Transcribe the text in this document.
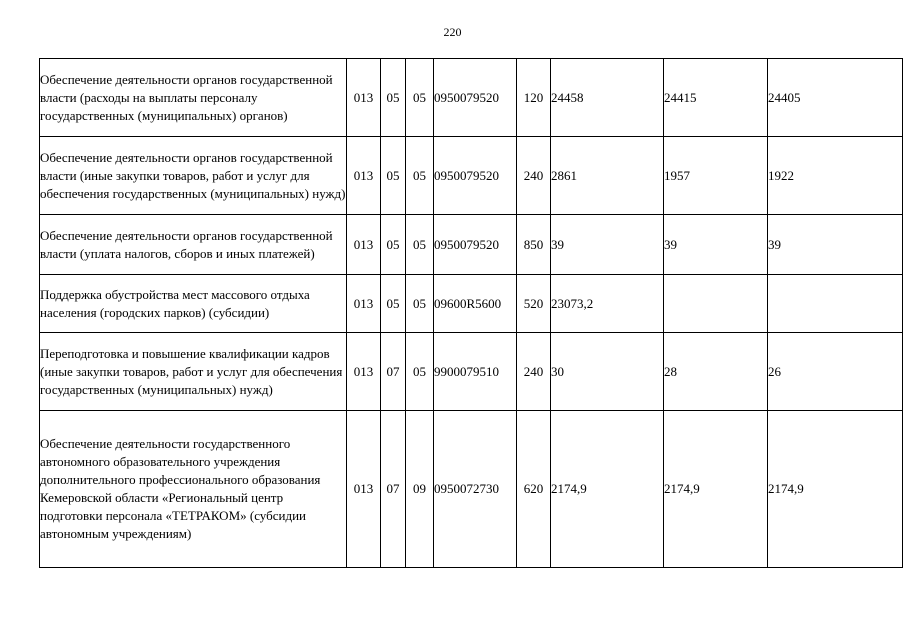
220
Обеспечение деятельности органов государственной власти (расходы на выплаты персоналу государственных (муниципальных) органов)	013	05	05	0950079520	120	24458	24415	24405
Обеспечение деятельности органов государственной власти (иные закупки товаров, работ и услуг для обеспечения государственных (муниципальных) нужд)	013	05	05	0950079520	240	2861	1957	1922
Обеспечение деятельности органов государственной власти (уплата налогов, сборов и иных платежей)	013	05	05	0950079520	850	39	39	39
Поддержка обустройства мест массового отдыха населения (городских парков) (субсидии)	013	05	05	09600R5600	520	23073,2		
Переподготовка и повышение квалификации кадров (иные закупки товаров, работ и услуг для обеспечения государственных (муниципальных) нужд)	013	07	05	9900079510	240	30	28	26
Обеспечение деятельности государственного автономного образовательного учреждения дополнительного профессионального образования Кемеровской области «Региональный центр подготовки персонала «ТЕТРАКОМ» (субсидии автономным учреждениям)	013	07	09	0950072730	620	2174,9	2174,9	2174,9
